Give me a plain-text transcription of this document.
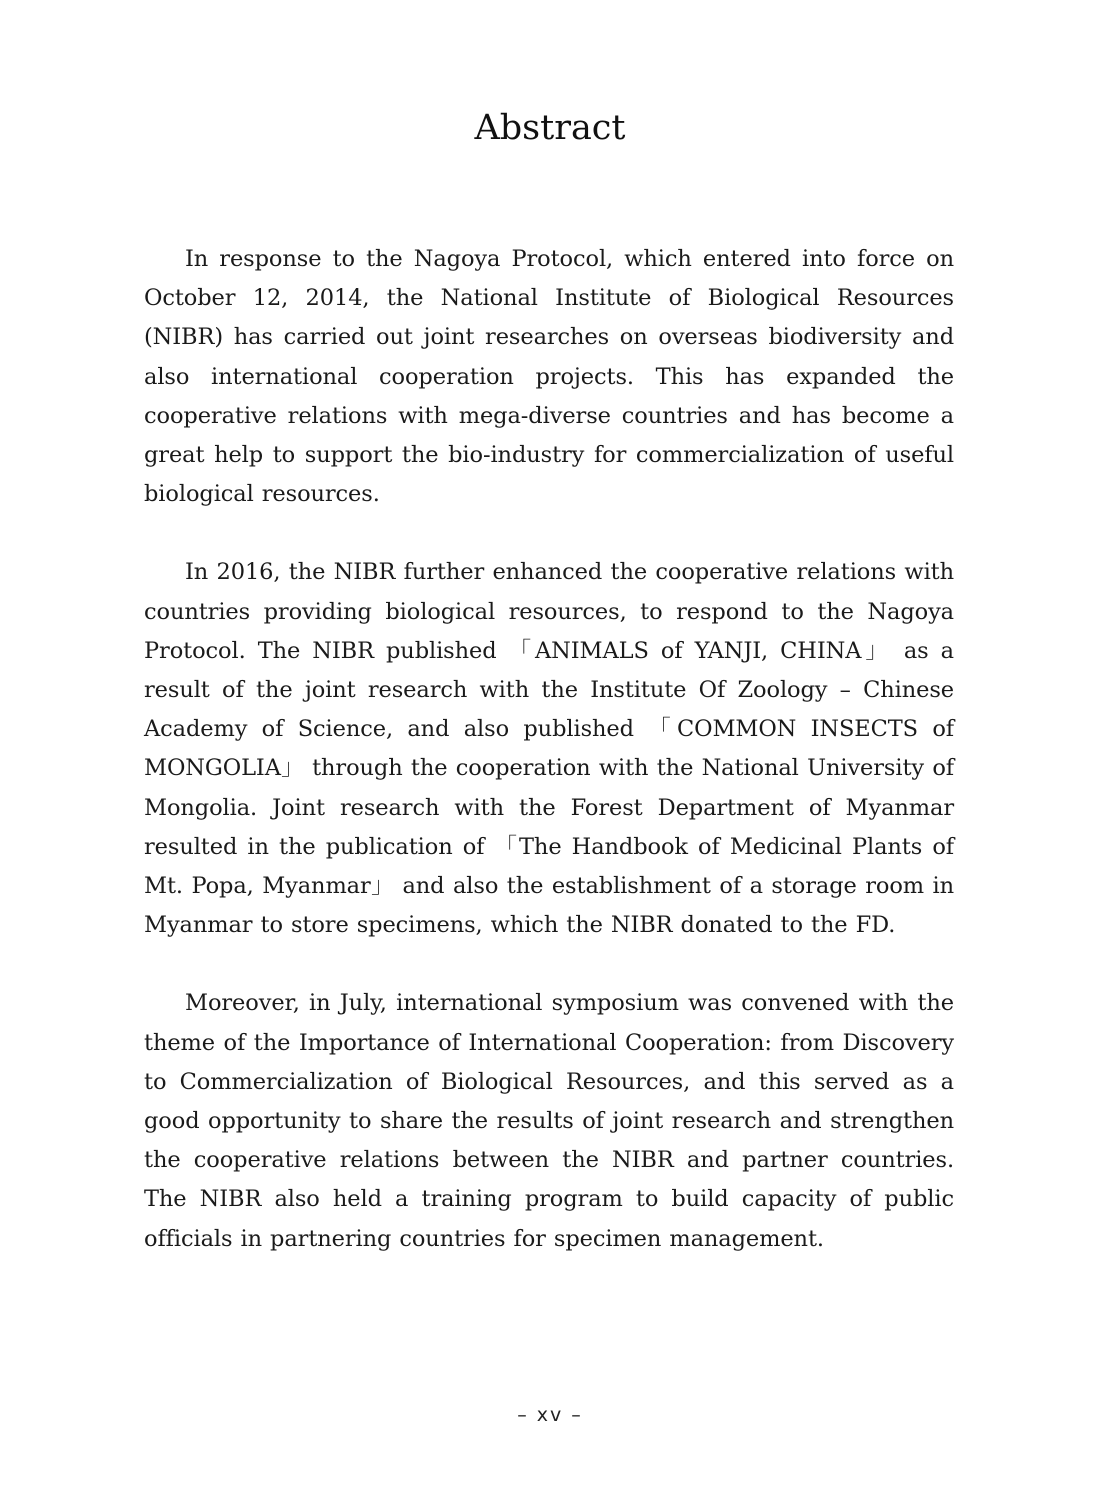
Abstract

In response to the Nagoya Protocol, which entered into force on October 12, 2014, the National Institute of Biological Resources (NIBR) has carried out joint researches on overseas biodiversity and also international cooperation projects. This has expanded the cooperative relations with mega-diverse countries and has become a great help to support the bio-industry for commercialization of useful biological resources.

In 2016, the NIBR further enhanced the cooperative relations with countries providing biological resources, to respond to the Nagoya Protocol. The NIBR published 「ANIMALS of YANJI, CHINA」 as a result of the joint research with the Institute Of Zoology – Chinese Academy of Science, and also published 「COMMON INSECTS of MONGOLIA」 through the cooperation with the National University of Mongolia. Joint research with the Forest Department of Myanmar resulted in the publication of 「The Handbook of Medicinal Plants of Mt. Popa, Myanmar」 and also the establishment of a storage room in Myanmar to store specimens, which the NIBR donated to the FD.

Moreover, in July, international symposium was convened with the theme of the Importance of International Cooperation: from Discovery to Commercialization of Biological Resources, and this served as a good opportunity to share the results of joint research and strengthen the cooperative relations between the NIBR and partner countries. The NIBR also held a training program to build capacity of public officials in partnering countries for specimen management.

– xv –
